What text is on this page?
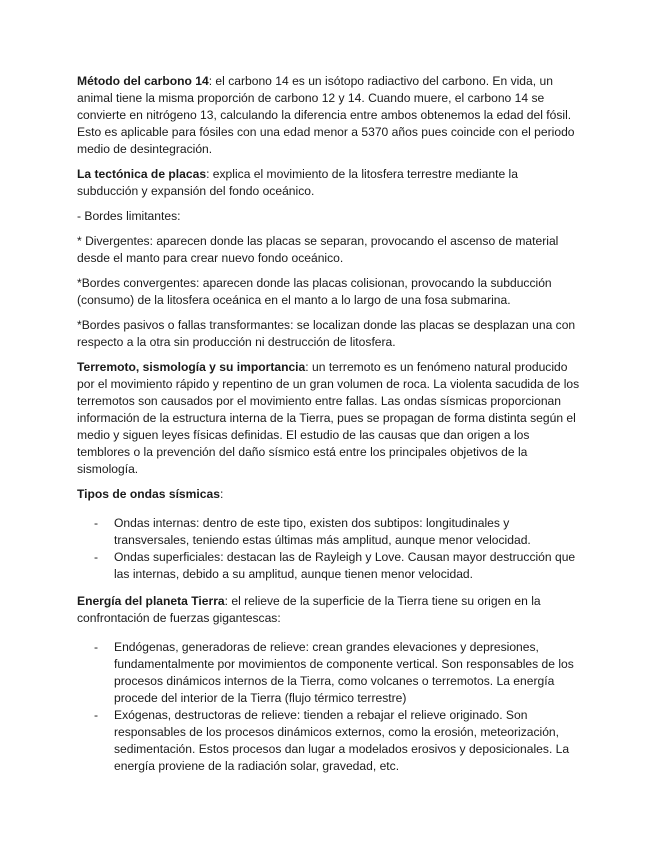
Método del carbono 14: el carbono 14 es un isótopo radiactivo del carbono. En vida, un animal tiene la misma proporción de carbono 12 y 14. Cuando muere, el carbono 14 se convierte en nitrógeno 13, calculando la diferencia entre ambos obtenemos la edad del fósil. Esto es aplicable para fósiles con una edad menor a 5370 años pues coincide con el periodo medio de desintegración.

La tectónica de placas: explica el movimiento de la litosfera terrestre mediante la subducción y expansión del fondo oceánico.

- Bordes limitantes:

* Divergentes: aparecen donde las placas se separan, provocando el ascenso de material desde el manto para crear nuevo fondo oceánico.

*Bordes convergentes: aparecen donde las placas colisionan, provocando la subducción (consumo) de la litosfera oceánica en el manto a lo largo de una fosa submarina.

*Bordes pasivos o fallas transformantes: se localizan donde las placas se desplazan una con respecto a la otra sin producción ni destrucción de litosfera.

Terremoto, sismología y su importancia: un terremoto es un fenómeno natural producido por el movimiento rápido y repentino de un gran volumen de roca. La violenta sacudida de los terremotos son causados por el movimiento entre fallas. Las ondas sísmicas proporcionan información de la estructura interna de la Tierra, pues se propagan de forma distinta según el medio y siguen leyes físicas definidas. El estudio de las causas que dan origen a los temblores o la prevención del daño sísmico está entre los principales objetivos de la sismología.

Tipos de ondas sísmicas:

- Ondas internas: dentro de este tipo, existen dos subtipos: longitudinales y transversales, teniendo estas últimas más amplitud, aunque menor velocidad.
- Ondas superficiales: destacan las de Rayleigh y Love. Causan mayor destrucción que las internas, debido a su amplitud, aunque tienen menor velocidad.

Energía del planeta Tierra: el relieve de la superficie de la Tierra tiene su origen en la confrontación de fuerzas gigantescas:

- Endógenas, generadoras de relieve: crean grandes elevaciones y depresiones, fundamentalmente por movimientos de componente vertical. Son responsables de los procesos dinámicos internos de la Tierra, como volcanes o terremotos. La energía procede del interior de la Tierra (flujo térmico terrestre)
- Exógenas, destructoras de relieve: tienden a rebajar el relieve originado. Son responsables de los procesos dinámicos externos, como la erosión, meteorización, sedimentación. Estos procesos dan lugar a modelados erosivos y deposicionales. La energía proviene de la radiación solar, gravedad, etc.
